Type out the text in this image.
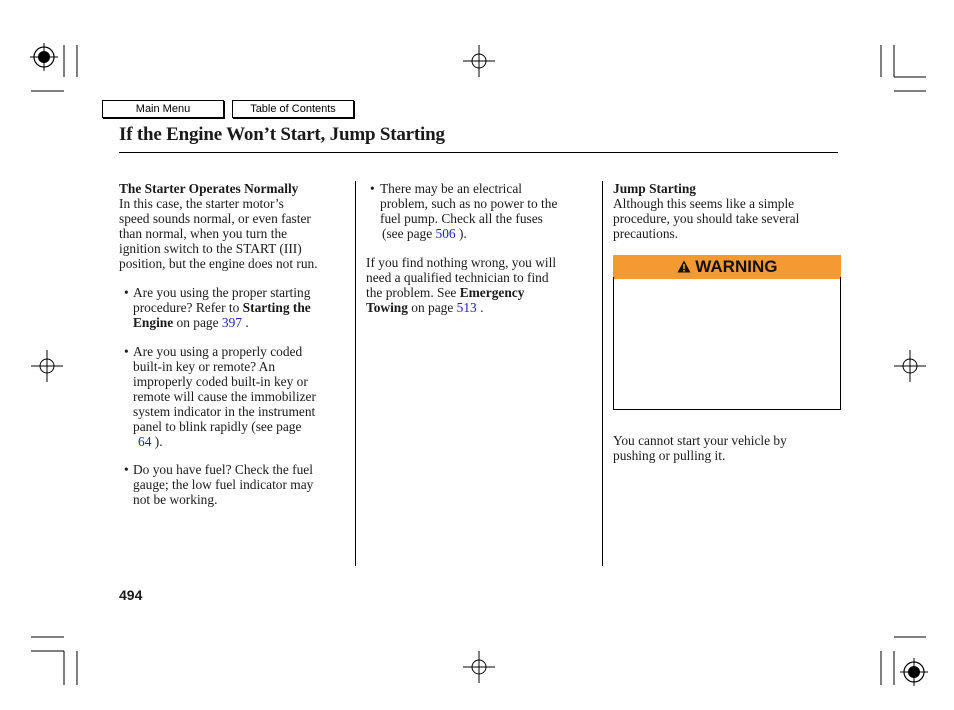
Main Menu	Table of Contents
If the Engine Won’t Start, Jump Starting
The Starter Operates Normally
In this case, the starter motor’s
speed sounds normal, or even faster
than normal, when you turn the
ignition switch to the START (III)
position, but the engine does not run.
• Are you using the proper starting
procedure? Refer to Starting the
Engine on page 397 .
• Are you using a properly coded
built-in key or remote? An
improperly coded built-in key or
remote will cause the immobilizer
system indicator in the instrument
panel to blink rapidly (see page
64 ).
• Do you have fuel? Check the fuel
gauge; the low fuel indicator may
not be working.
• There may be an electrical
problem, such as no power to the
fuel pump. Check all the fuses
(see page 506 ).
If you find nothing wrong, you will
need a qualified technician to find
the problem. See Emergency
Towing on page 513 .
Jump Starting
Although this seems like a simple
procedure, you should take several
precautions.
WARNING
You cannot start your vehicle by
pushing or pulling it.
494
